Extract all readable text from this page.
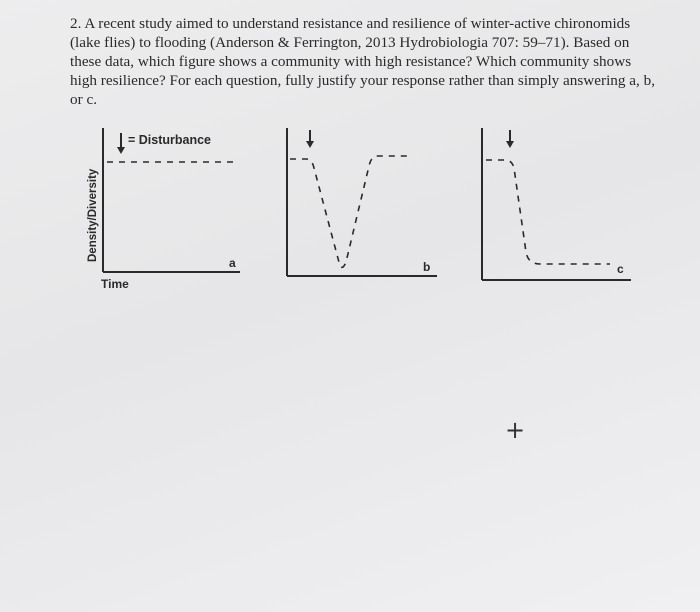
2. A recent study aimed to understand resistance and resilience of winter-active chironomids
(lake flies) to flooding (Anderson & Ferrington, 2013 Hydrobiologia 707: 59–71). Based on
these data, which figure shows a community with high resistance? Which community shows
high resilience? For each question, fully justify your response rather than simply answering a, b,
or c.
= Disturbance
Density/Diversity
Time
a	b	c
+
